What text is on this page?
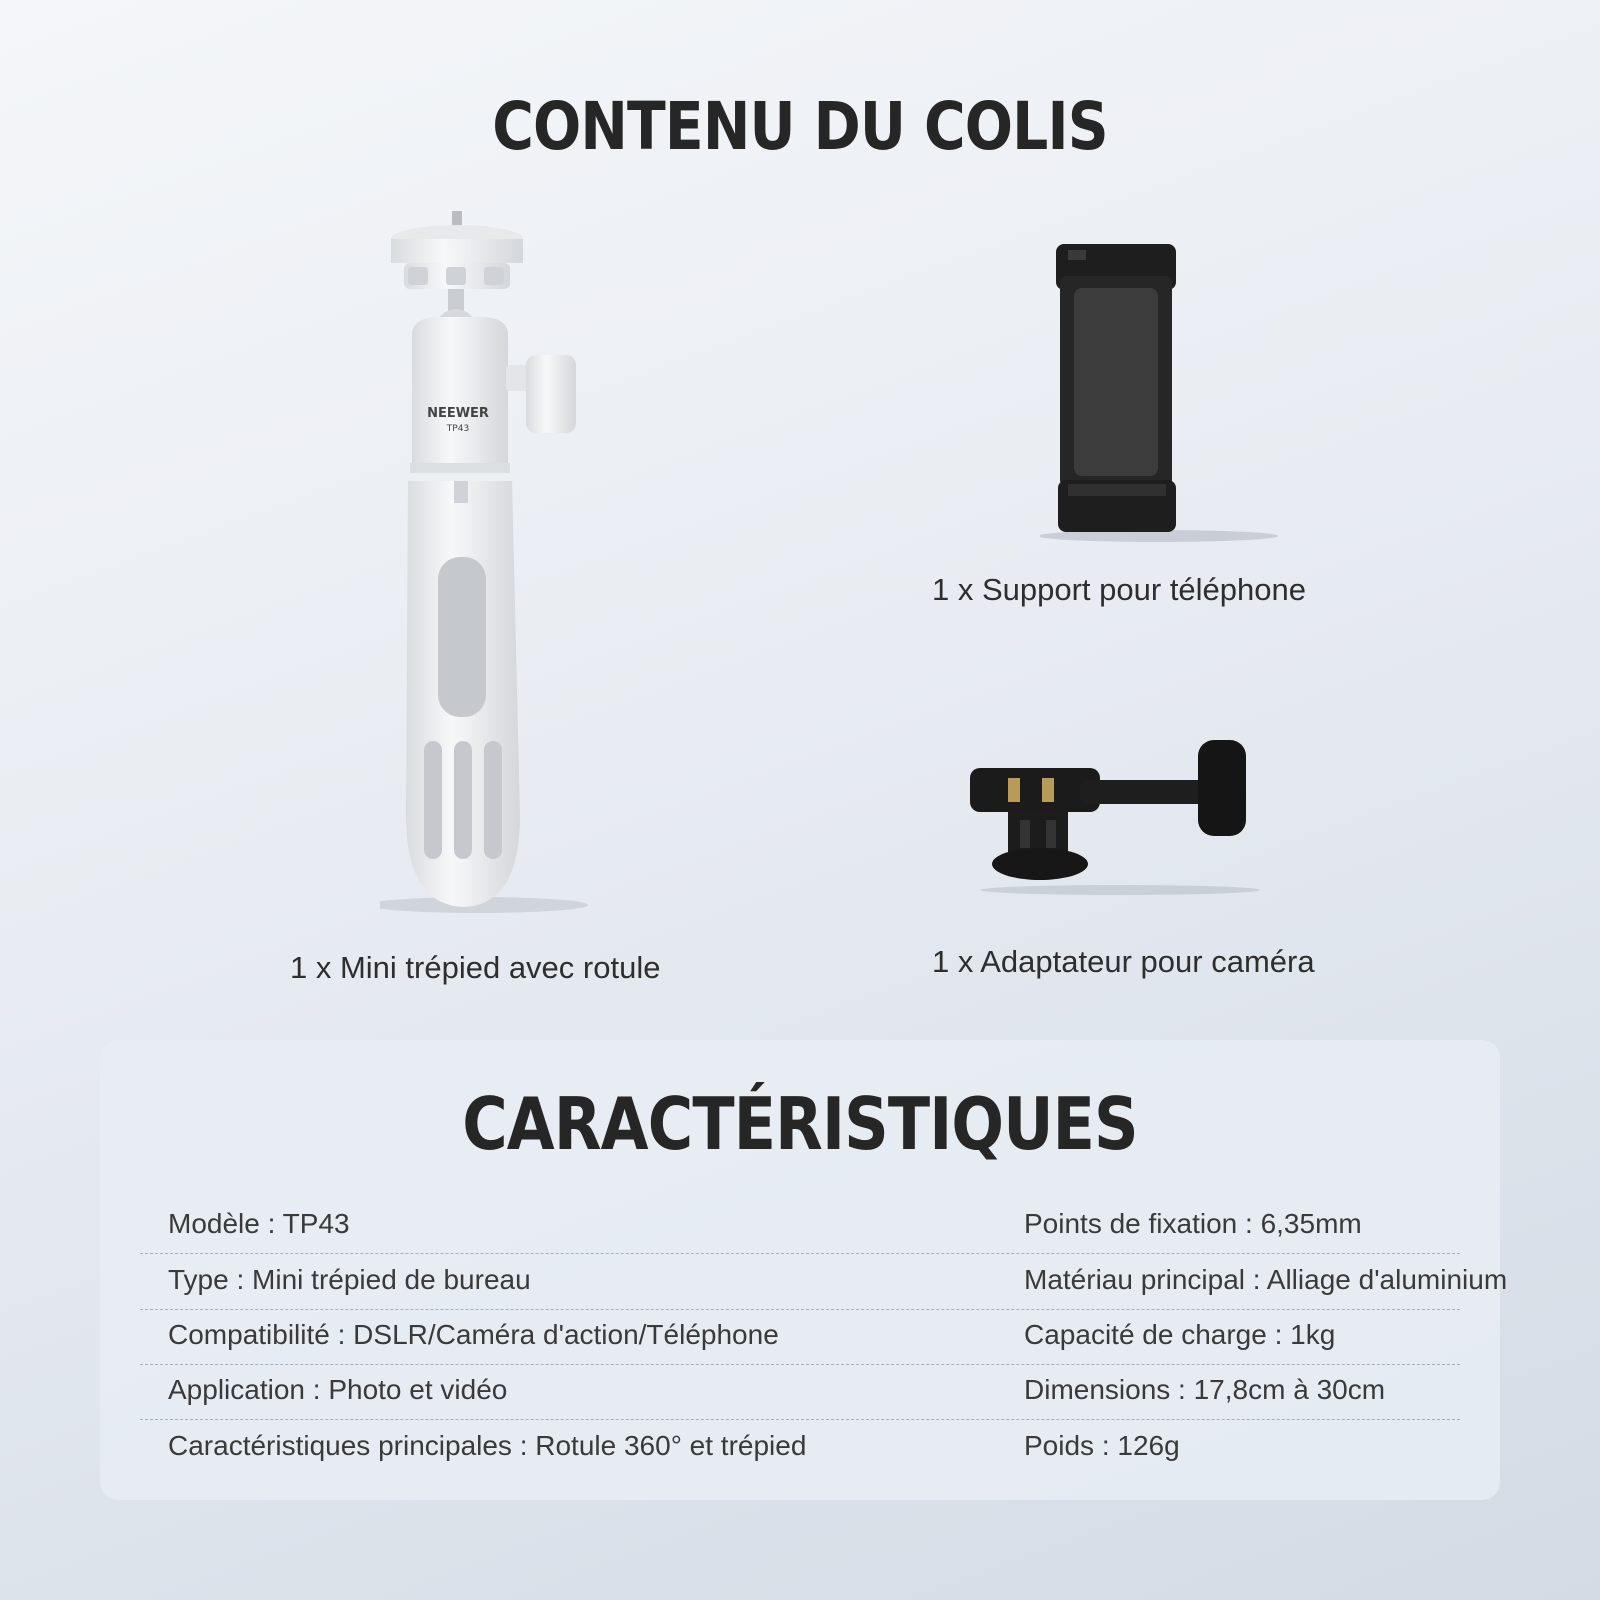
CONTENU DU COLIS
NEEWER
TP43
1 x Mini trépied avec rotule
1 x Support pour téléphone
1 x Adaptateur pour caméra
CARACTÉRISTIQUES
Modèle : TP43	Points de fixation : 6,35mm
Type : Mini trépied de bureau	Matériau principal : Alliage d'aluminium
Compatibilité : DSLR/Caméra d'action/Téléphone	Capacité de charge : 1kg
Application : Photo et vidéo	Dimensions : 17,8cm à 30cm
Caractéristiques principales : Rotule 360° et trépied	Poids : 126g
